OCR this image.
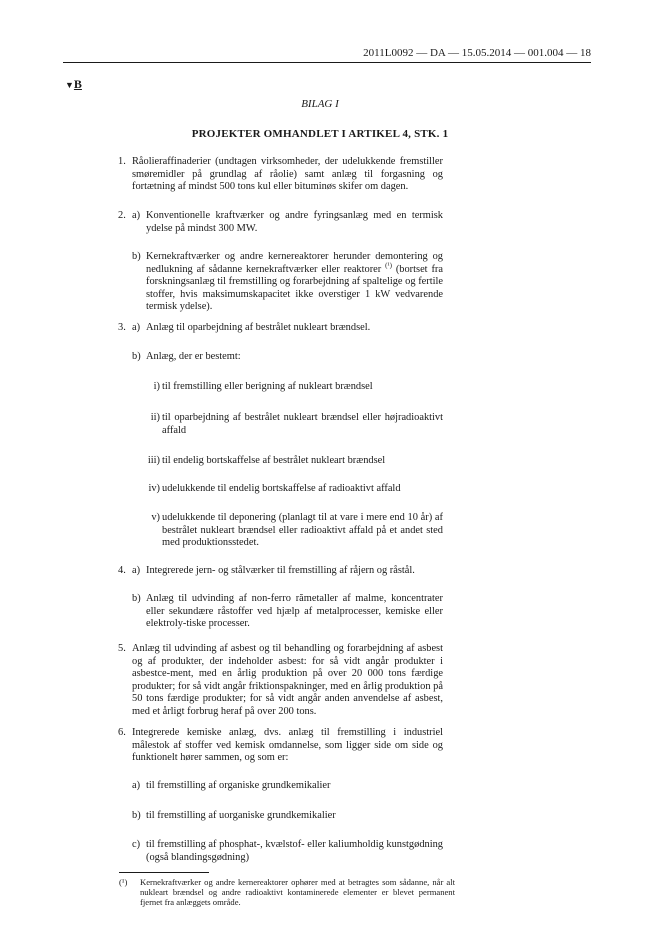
2011L0092 — DA — 15.05.2014 — 001.004 — 18
▼B
BILAG I
PROJEKTER OMHANDLET I ARTIKEL 4, STK. 1
1. Råolieraffinaderier (undtagen virksomheder, der udelukkende fremstiller smøremidler på grundlag af råolie) samt anlæg til forgasning og fortætning af mindst 500 tons kul eller bituminøs skifer om dagen.
2. a) Konventionelle kraftværker og andre fyringsanlæg med en termisk ydelse på mindst 300 MW.
b) Kernekraftværker og andre kernereaktorer herunder demontering og nedlukning af sådanne kernekraftværker eller reaktorer $^{(^1)}$ (bortset fra forskningsanlæg til fremstilling og forarbejdning af spaltelige og fertile stoffer, hvis maksimumskapacitet ikke overstiger 1 kW vedvarende termisk ydelse).
3. a) Anlæg til oparbejdning af bestrålet nukleart brændsel.
b) Anlæg, der er bestemt:
i) til fremstilling eller berigning af nukleart brændsel
ii) til oparbejdning af bestrålet nukleart brændsel eller højradioaktivt affald
iii) til endelig bortskaffelse af bestrålet nukleart brændsel
iv) udelukkende til endelig bortskaffelse af radioaktivt affald
v) udelukkende til deponering (planlagt til at vare i mere end 10 år) af bestrålet nukleart brændsel eller radioaktivt affald på et andet sted med produktionsstedet.
4. a) Integrerede jern- og stålværker til fremstilling af råjern og råstål.
b) Anlæg til udvinding af non-ferro rămetaller af malme, koncentrater eller sekundære råstoffer ved hjælp af metalprocesser, kemiske eller elektroly-tiske processer.
5. Anlæg til udvinding af asbest og til behandling og forarbejdning af asbest og af produkter, der indeholder asbest: for så vidt angår produkter i asbestce-ment, med en årlig produktion på over 20 000 tons færdige produkter; for så vidt angår friktionspakninger, med en årlig produktion på 50 tons færdige produkter; for så vidt angår anden anvendelse af asbest, med et årligt forbrug heraf på over 200 tons.
6. Integrerede kemiske anlæg, dvs. anlæg til fremstilling i industriel målestok af stoffer ved kemisk omdannelse, som ligger side om side og funktionelt hører sammen, og som er:
a) til fremstilling af organiske grundkemikalier
b) til fremstilling af uorganiske grundkemikalier
c) til fremstilling af phosphat-, kvælstof- eller kaliumholdig kunstgødning (også blandingsgødning)
(¹) Kernekraftværker og andre kernereaktorer ophører med at betragtes som sådanne, når alt nukleart brændsel og andre radioaktivt kontaminerede elementer er blevet permanent fjernet fra anlæggets område.
